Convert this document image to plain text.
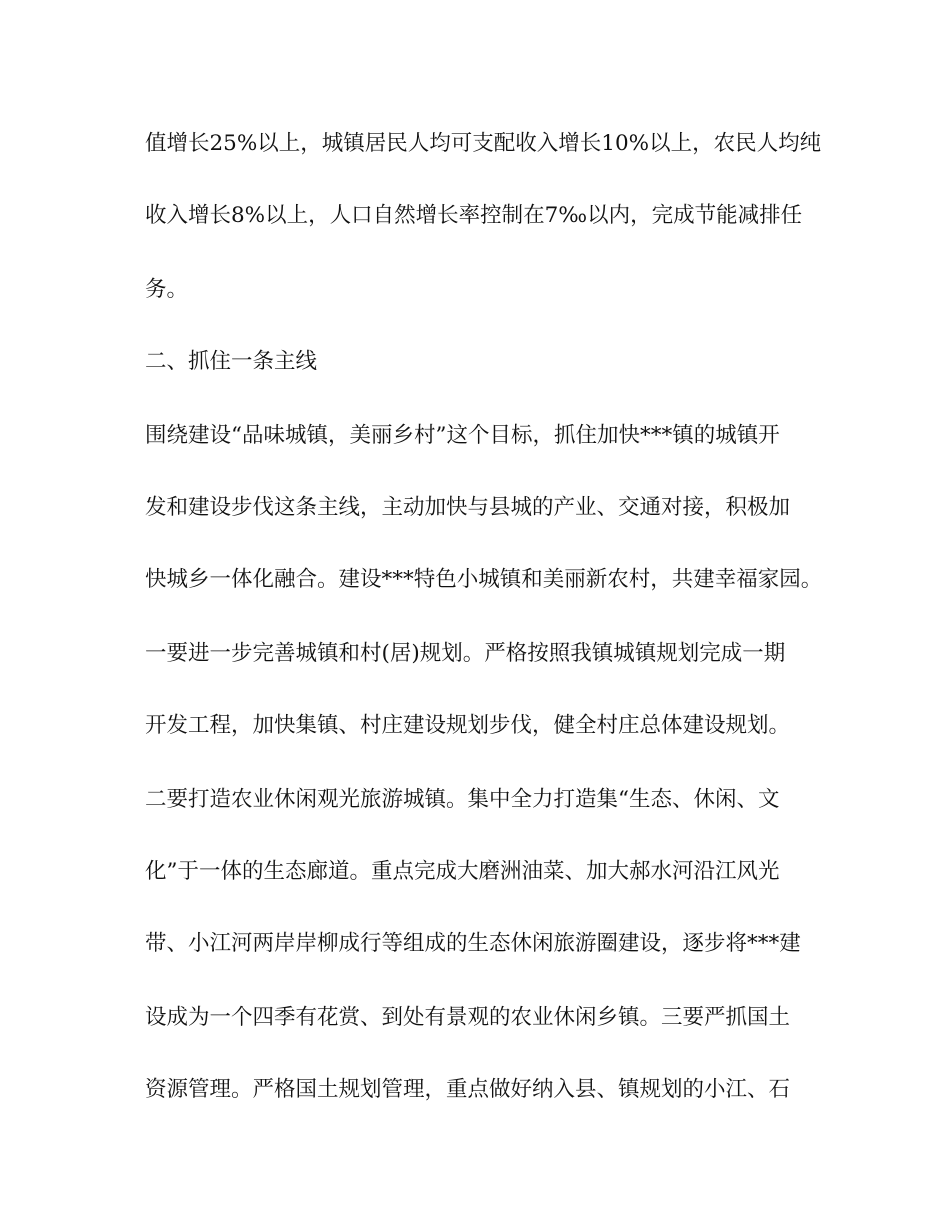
值增长25%以上，城镇居民人均可支配收入增长10%以上，农民人均纯

收入增长8%以上，人口自然增长率控制在7‰以内，完成节能减排任

务。

二、抓住一条主线

围绕建设“品味城镇，美丽乡村”这个目标，抓住加快***镇的城镇开

发和建设步伐这条主线，主动加快与县城的产业、交通对接，积极加

快城乡一体化融合。建设***特色小城镇和美丽新农村，共建幸福家园。

一要进一步完善城镇和村(居)规划。严格按照我镇城镇规划完成一期

开发工程，加快集镇、村庄建设规划步伐，健全村庄总体建设规划。

二要打造农业休闲观光旅游城镇。集中全力打造集“生态、休闲、文

化”于一体的生态廊道。重点完成大磨洲油菜、加大郝水河沿江风光

带、小江河两岸岸柳成行等组成的生态休闲旅游圈建设，逐步将***建

设成为一个四季有花赏、到处有景观的农业休闲乡镇。三要严抓国土

资源管理。严格国土规划管理，重点做好纳入县、镇规划的小江、石
